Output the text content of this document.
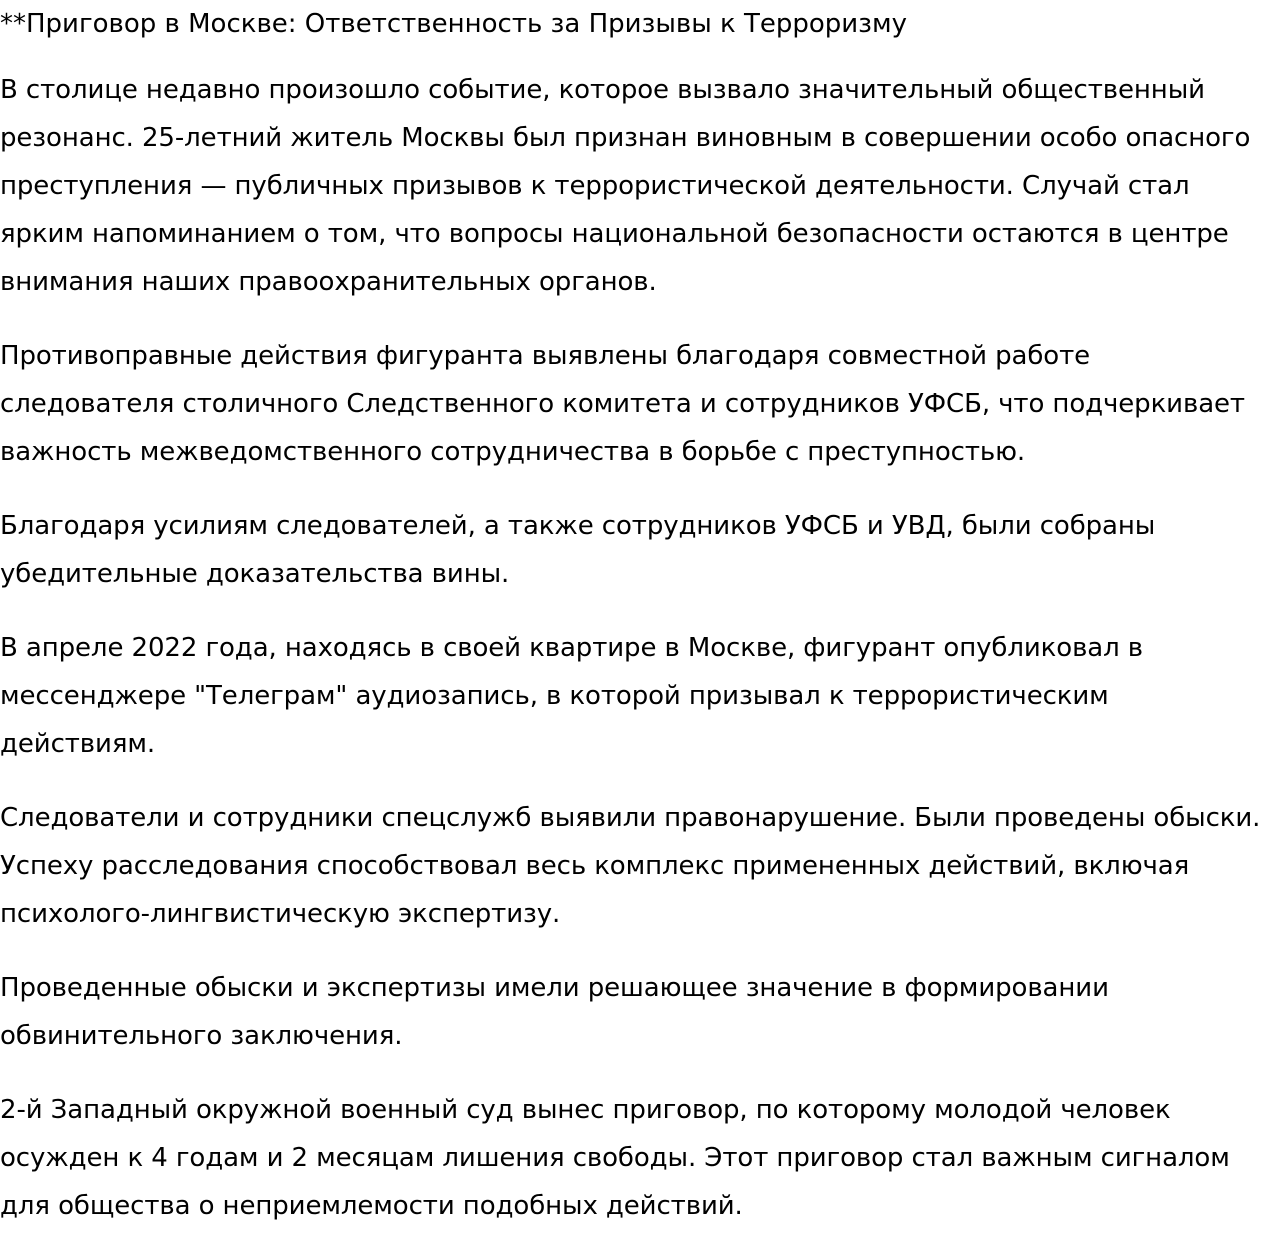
**Приговор в Москве: Ответственность за Призывы к Терроризму

В столице недавно произошло событие, которое вызвало значительный общественный резонанс. 25-летний житель Москвы был признан виновным в совершении особо опасного преступления — публичных призывов к террористической деятельности. Случай стал ярким напоминанием о том, что вопросы национальной безопасности остаются в центре внимания наших правоохранительных органов.

Противоправные действия фигуранта выявлены благодаря совместной работе следователя столичного Следственного комитета и сотрудников УФСБ, что подчеркивает важность межведомственного сотрудничества в борьбе с преступностью.

Благодаря усилиям следователей, а также сотрудников УФСБ и УВД, были собраны убедительные доказательства вины.

В апреле 2022 года, находясь в своей квартире в Москве, фигурант опубликовал в мессенджере "Телеграм" аудиозапись, в которой призывал к террористическим действиям.

Следователи и сотрудники спецслужб выявили правонарушение. Были проведены обыски. Успеху расследования способствовал весь комплекс примененных действий, включая психолого-лингвистическую экспертизу.

Проведенные обыски и экспертизы имели решающее значение в формировании обвинительного заключения.

2-й Западный окружной военный суд вынес приговор, по которому молодой человек осужден к 4 годам и 2 месяцам лишения свободы. Этот приговор стал важным сигналом для общества о неприемлемости подобных действий.
